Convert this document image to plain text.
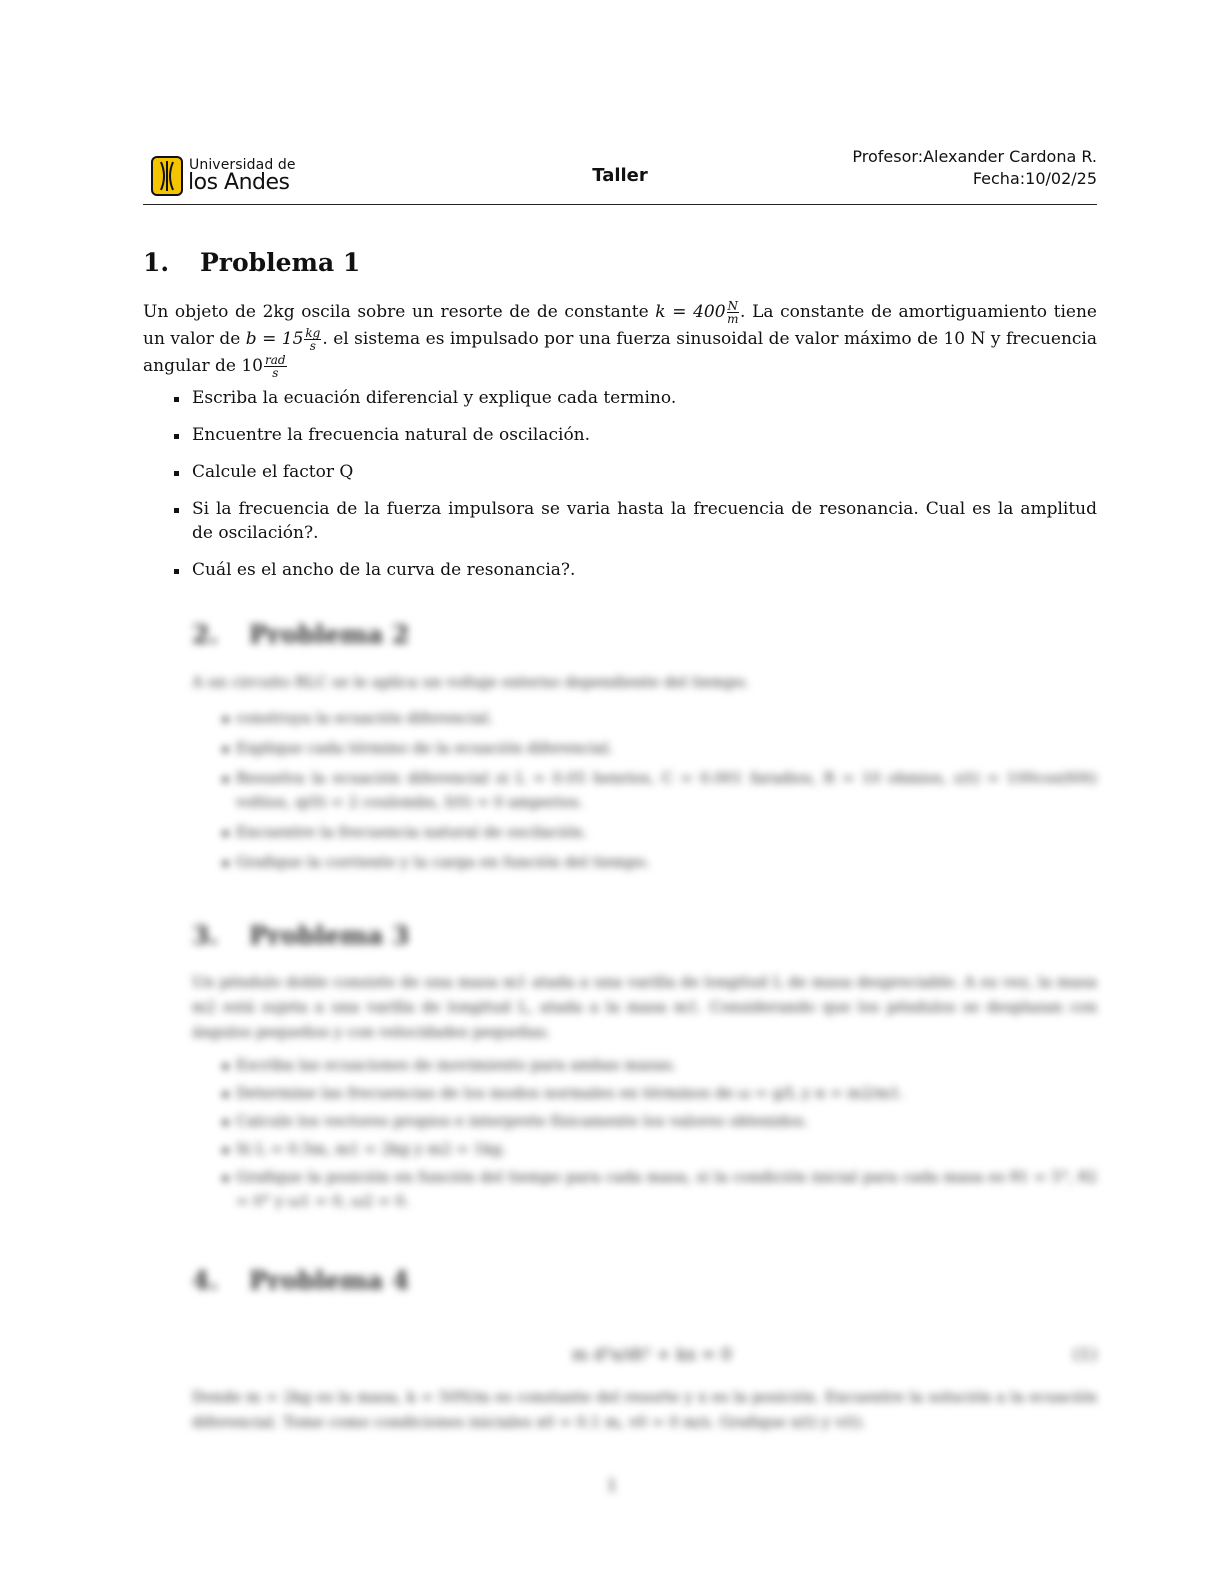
Universidad de
los Andes	Taller
Profesor:Alexander Cardona R.
Fecha:10/02/25
1. Problema 1

Un objeto de 2kg oscila sobre un resorte de de constante $k = 400 \frac{N}{m}$ . La constante de amortiguamiento tiene un valor de $b = 15 \frac{kg}{s}$ . el sistema es impulsado por una fuerza sinusoidal de valor máximo de 10 N y frecuencia angular de $10 \frac{\text{rad}}{s}$

Escriba la ecuación diferencial y explique cada termino.
Encuentre la frecuencia natural de oscilación.
Calcule el factor Q
Si la frecuencia de la fuerza impulsora se varia hasta la frecuencia de resonancia. Cual es la amplitud de oscilación?.
Cuál es el ancho de la curva de resonancia?.
2. Problema 2

A un circuito RLC se le aplica un voltaje externo dependiente del tiempo.

construya la ecuación diferencial.
Explique cada término de la ecuación diferencial.
Resuelva la ecuación diferencial si L = 0.05 henrios, C = 0.001 faradios, R = 10 ohmios, ε(t) = 100cos(60t) voltios, q(0) = 2 coulombs, I(0) = 0 amperios.
Encuentre la frecuencia natural de oscilación.
Grafique la corriente y la carga en función del tiempo.
3. Problema 3

Un péndulo doble consiste de una masa m1 atada a una varilla de longitud L de masa despreciable. A su vez, la masa m2 está sujeta a una varilla de longitud L, atada a la masa m1. Considerando que los péndulos se desplazan con ángulos pequeños y con velocidades pequeñas.

Escriba las ecuaciones de movimiento para ambas masas.
Determine las frecuencias de los modos normales en términos de ω = g/L y α = m2/m1.
Calcule los vectores propios e interprete físicamente los valores obtenidos.
Si L = 0.5m, m1 = 2kg y m2 = 1kg.
Grafique la posición en función del tiempo para cada masa, si la condición inicial para cada masa es θ1 = 5°, θ2 = 0° y ω1 = 0, ω2 = 0.
4. Problema 4
m d²x/dt² + kx = 0	(1)

Donde m = 2kg es la masa, k = 50N/m es constante del resorte y x es la posición. Encuentre la solución a la ecuación diferencial. Tome como condiciones iniciales x0 = 0.1 m, v0 = 0 m/s. Grafique x(t) y v(t).

1
